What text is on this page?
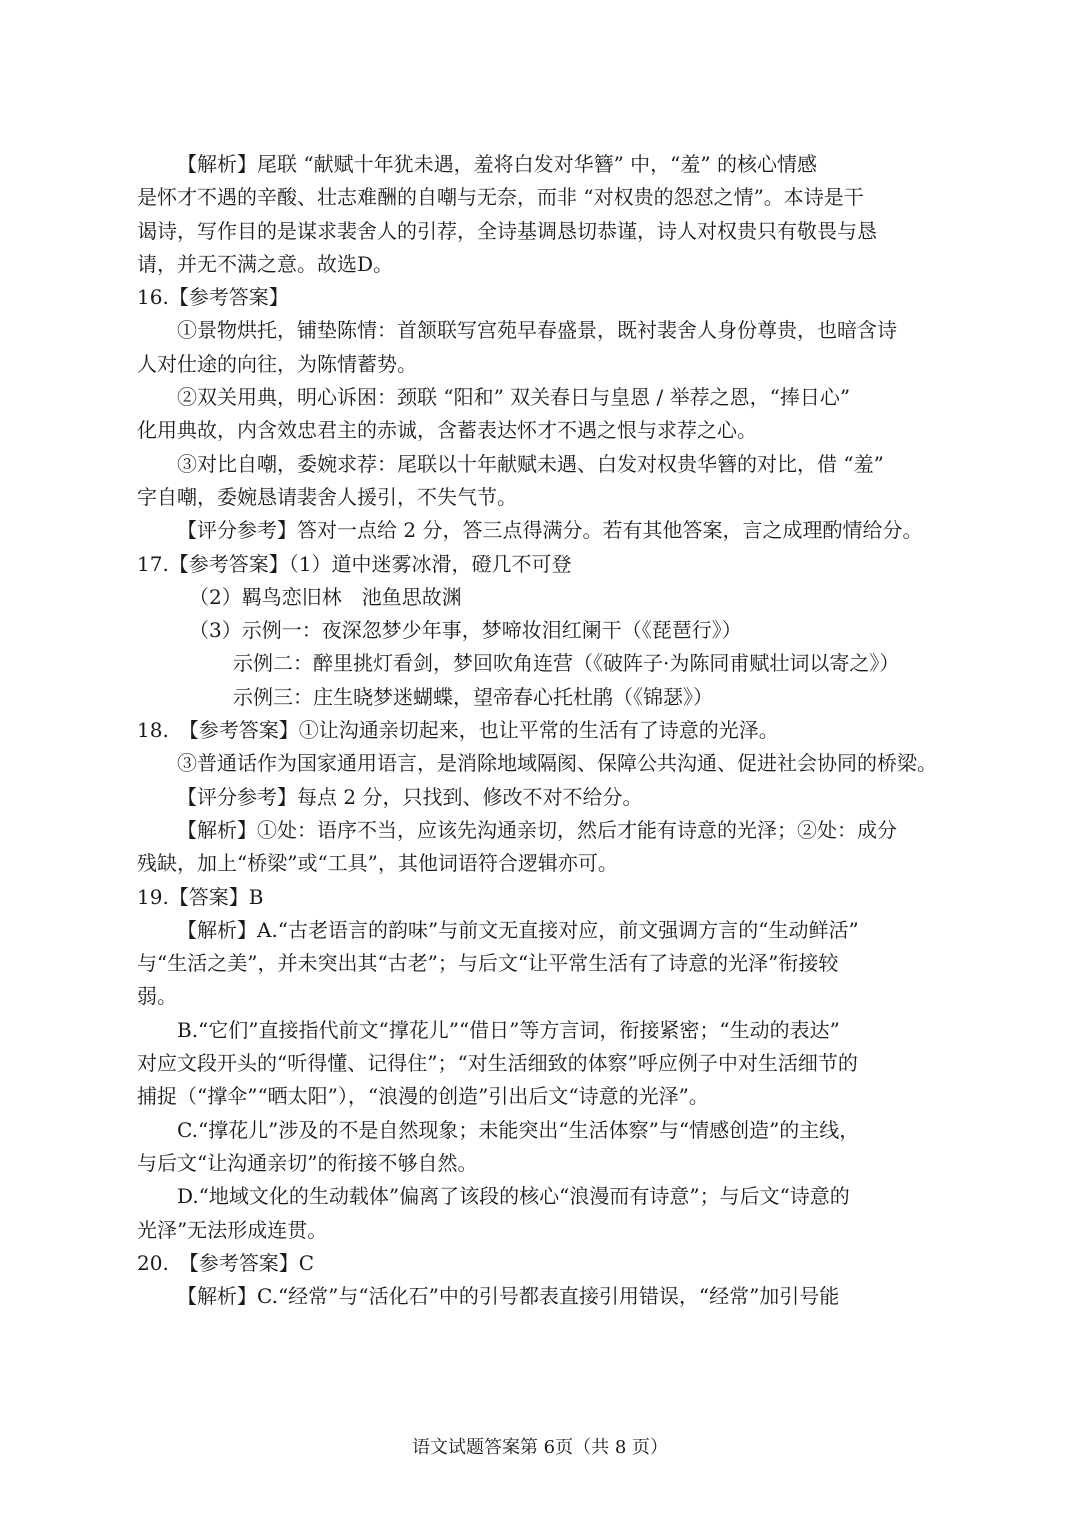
【解析】尾联 “献赋十年犹未遇，羞将白发对华簪” 中，“羞” 的核心情感
是怀才不遇的辛酸、壮志难酬的自嘲与无奈，而非 “对权贵的怨怼之情”。本诗是干
谒诗，写作目的是谋求裴舍人的引荐，全诗基调恳切恭谨，诗人对权贵只有敬畏与恳
请，并无不满之意。故选D。
16.【参考答案】
①景物烘托，铺垫陈情：首颔联写宫苑早春盛景，既衬裴舍人身份尊贵，也暗含诗
人对仕途的向往，为陈情蓄势。
②双关用典，明心诉困：颈联 “阳和” 双关春日与皇恩 / 举荐之恩，“捧日心”
化用典故，内含效忠君主的赤诚，含蓄表达怀才不遇之恨与求荐之心。
③对比自嘲，委婉求荐：尾联以十年献赋未遇、白发对权贵华簪的对比，借 “羞”
字自嘲，委婉恳请裴舍人援引，不失气节。
【评分参考】答对一点给 2 分，答三点得满分。若有其他答案，言之成理酌情给分。
17.【参考答案】（1）道中迷雾冰滑，磴几不可登
（2）羁鸟恋旧林　池鱼思故渊
（3）示例一：夜深忽梦少年事，梦啼妆泪红阑干（《琵琶行》）
示例二：醉里挑灯看剑，梦回吹角连营（《破阵子·为陈同甫赋壮词以寄之》）
示例三：庄生晓梦迷蝴蝶，望帝春心托杜鹃（《锦瑟》）
18.　【参考答案】①让沟通亲切起来，也让平常的生活有了诗意的光泽。
③普通话作为国家通用语言，是消除地域隔阂、保障公共沟通、促进社会协同的桥梁。
【评分参考】每点 2 分，只找到、修改不对不给分。
【解析】①处：语序不当，应该先沟通亲切，然后才能有诗意的光泽；②处：成分
残缺，加上“桥梁”或“工具”，其他词语符合逻辑亦可。
19.【答案】B
【解析】A.“古老语言的韵味”与前文无直接对应，前文强调方言的“生动鲜活”
与“生活之美”，并未突出其“古老”；与后文“让平常生活有了诗意的光泽”衔接较
弱。
B.“它们”直接指代前文“撑花儿”“借日”等方言词，衔接紧密；“生动的表达”
对应文段开头的“听得懂、记得住”；“对生活细致的体察”呼应例子中对生活细节的
捕捉（“撑伞”“晒太阳”），“浪漫的创造”引出后文“诗意的光泽”。
C.“撑花儿”涉及的不是自然现象；未能突出“生活体察”与“情感创造”的主线，
与后文“让沟通亲切”的衔接不够自然。
D.“地域文化的生动载体”偏离了该段的核心“浪漫而有诗意”；与后文“诗意的
光泽”无法形成连贯。
20.　【参考答案】C
【解析】C.“经常”与“活化石”中的引号都表直接引用错误，“经常”加引号能
语文试题答案第 6页（共 8 页）
